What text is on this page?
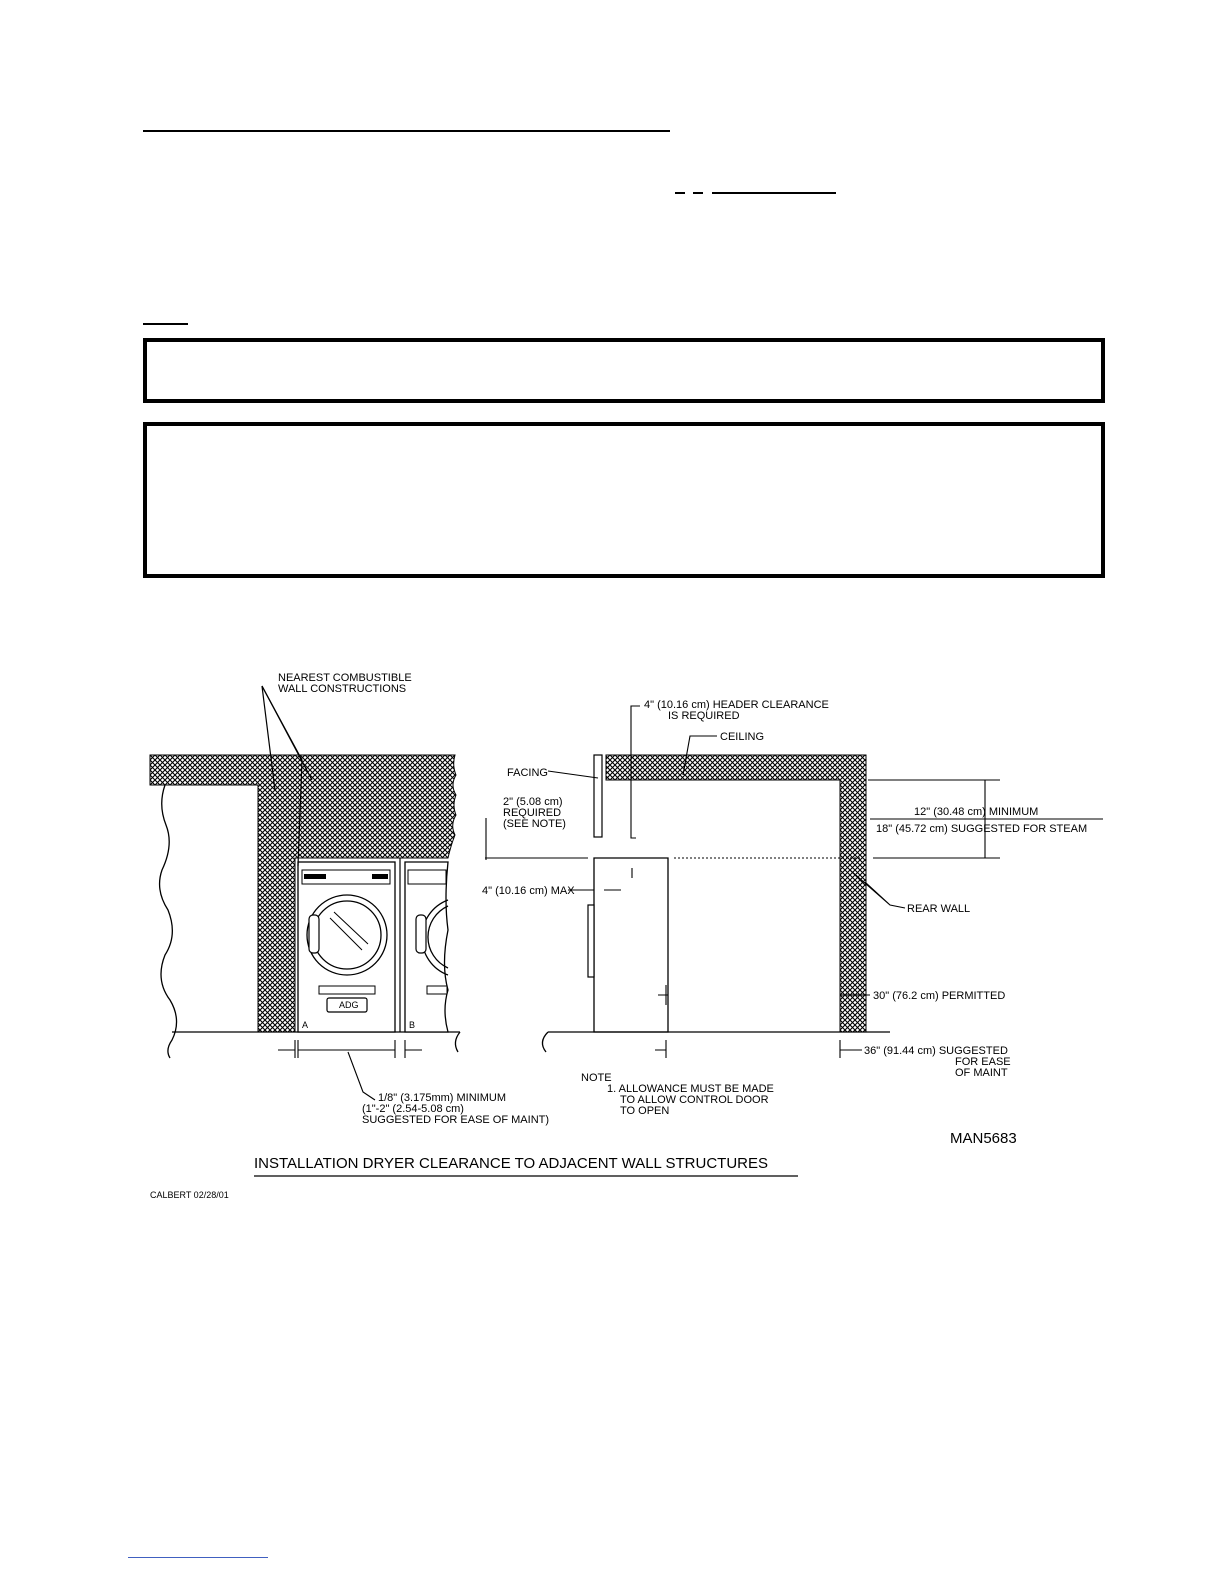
ADG
A	B
NEAREST COMBUSTIBLE
WALL CONSTRUCTIONS
1/8" (3.175mm) MINIMUM
(1"-2" (2.54-5.08 cm)
SUGGESTED FOR EASE OF MAINT)
4" (10.16 cm) HEADER CLEARANCE
IS REQUIRED
CEILING
FACING
2" (5.08 cm)
REQUIRED
(SEE NOTE)
4" (10.16 cm) MAX
12" (30.48 cm) MINIMUM
18" (45.72 cm) SUGGESTED FOR STEAM
REAR WALL
30" (76.2 cm) PERMITTED
36" (91.44 cm) SUGGESTED
FOR EASE
OF MAINT
NOTE
1. ALLOWANCE MUST BE MADE
TO ALLOW CONTROL DOOR
TO OPEN
MAN5683
INSTALLATION DRYER CLEARANCE TO ADJACENT WALL STRUCTURES
CALBERT 02/28/01
